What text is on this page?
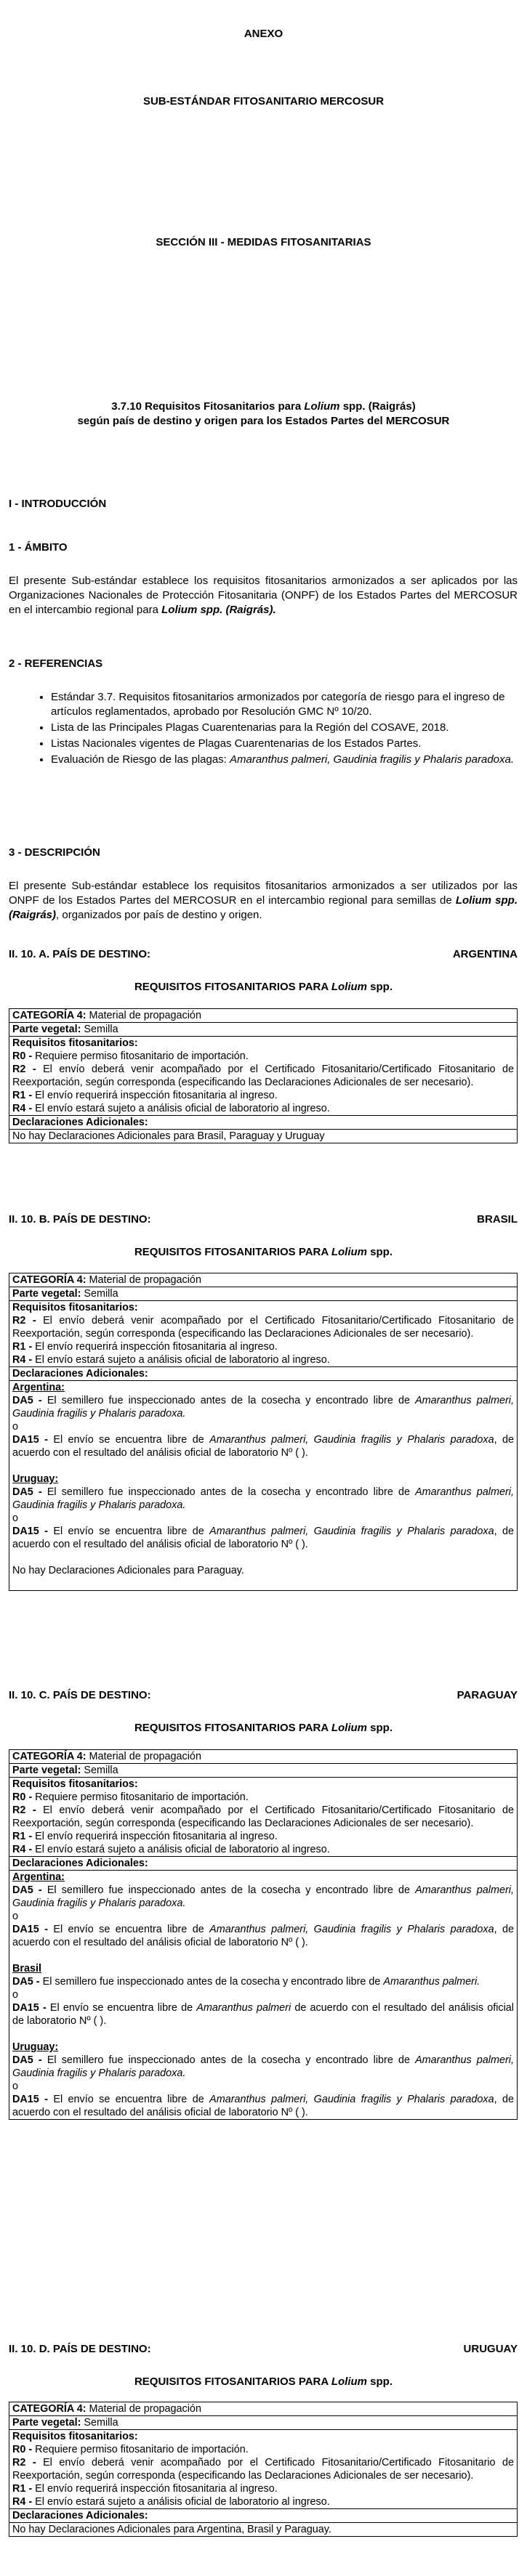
ANEXO
SUB-ESTÁNDAR FITOSANITARIO MERCOSUR
SECCIÓN III - MEDIDAS FITOSANITARIAS
3.7.10 Requisitos Fitosanitarios para Lolium spp. (Raigrás)
según país de destino y origen para los Estados Partes del MERCOSUR
I - INTRODUCCIÓN
1 - ÁMBITO
El presente Sub-estándar establece los requisitos fitosanitarios armonizados a ser aplicados por las Organizaciones Nacionales de Protección Fitosanitaria (ONPF) de los Estados Partes del MERCOSUR en el intercambio regional para Lolium spp. (Raigrás).
2 - REFERENCIAS
• Estándar 3.7. Requisitos fitosanitarios armonizados por categoría de riesgo para el ingreso de artículos reglamentados, aprobado por Resolución GMC Nº 10/20.
• Lista de las Principales Plagas Cuarentenarias para la Región del COSAVE, 2018.
• Listas Nacionales vigentes de Plagas Cuarentenarias de los Estados Partes.
• Evaluación de Riesgo de las plagas: Amaranthus palmeri, Gaudinia fragilis y Phalaris paradoxa.
3 - DESCRIPCIÓN
El presente Sub-estándar establece los requisitos fitosanitarios armonizados a ser utilizados por las ONPF de los Estados Partes del MERCOSUR en el intercambio regional para semillas de Lolium spp. (Raigrás), organizados por país de destino y origen.
II. 10. A. PAÍS DE DESTINO:	ARGENTINA
REQUISITOS FITOSANITARIOS PARA Lolium spp.
CATEGORÍA 4: Material de propagación
Parte vegetal: Semilla

Requisitos fitosanitarios:

R0 - Requiere permiso fitosanitario de importación.

R2 - El envío deberá venir acompañado por el Certificado Fitosanitario/Certificado Fitosanitario de Reexportación, según corresponda (especificando las Declaraciones Adicionales de ser necesario).

R1 - El envío requerirá inspección fitosanitaria al ingreso.

R4 - El envío estará sujeto a análisis oficial de laboratorio al ingreso.

Declaraciones Adicionales:
No hay Declaraciones Adicionales para Brasil, Paraguay y Uruguay
II. 10. B. PAÍS DE DESTINO:	BRASIL
REQUISITOS FITOSANITARIOS PARA Lolium spp.
CATEGORÍA 4: Material de propagación
Parte vegetal: Semilla

Requisitos fitosanitarios:

R2 - El envío deberá venir acompañado por el Certificado Fitosanitario/Certificado Fitosanitario de Reexportación, según corresponda (especificando las Declaraciones Adicionales de ser necesario).

R1 - El envío requerirá inspección fitosanitaria al ingreso.

R4 - El envío estará sujeto a análisis oficial de laboratorio al ingreso.

Declaraciones Adicionales:

Argentina:

DA5 - El semillero fue inspeccionado antes de la cosecha y encontrado libre de Amaranthus palmeri, Gaudinia fragilis y Phalaris paradoxa.

o

DA15 - El envío se encuentra libre de Amaranthus palmeri, Gaudinia fragilis y Phalaris paradoxa, de acuerdo con el resultado del análisis oficial de laboratorio Nº ( ).

Uruguay:

DA5 - El semillero fue inspeccionado antes de la cosecha y encontrado libre de Amaranthus palmeri, Gaudinia fragilis y Phalaris paradoxa.

o

DA15 - El envío se encuentra libre de Amaranthus palmeri, Gaudinia fragilis y Phalaris paradoxa, de acuerdo con el resultado del análisis oficial de laboratorio Nº ( ).

No hay Declaraciones Adicionales para Paraguay.

II. 10. C. PAÍS DE DESTINO:	PARAGUAY
REQUISITOS FITOSANITARIOS PARA Lolium spp.
CATEGORÍA 4: Material de propagación
Parte vegetal: Semilla

Requisitos fitosanitarios:

R0 - Requiere permiso fitosanitario de importación.

R2 - El envío deberá venir acompañado por el Certificado Fitosanitario/Certificado Fitosanitario de Reexportación, según corresponda (especificando las Declaraciones Adicionales de ser necesario).

R1 - El envío requerirá inspección fitosanitaria al ingreso.

R4 - El envío estará sujeto a análisis oficial de laboratorio al ingreso.

Declaraciones Adicionales:

Argentina:

DA5 - El semillero fue inspeccionado antes de la cosecha y encontrado libre de Amaranthus palmeri, Gaudinia fragilis y Phalaris paradoxa.

o

DA15 - El envío se encuentra libre de Amaranthus palmeri, Gaudinia fragilis y Phalaris paradoxa, de acuerdo con el resultado del análisis oficial de laboratorio Nº ( ).

Brasil

DA5 - El semillero fue inspeccionado antes de la cosecha y encontrado libre de Amaranthus palmeri.

o

DA15 - El envío se encuentra libre de Amaranthus palmeri de acuerdo con el resultado del análisis oficial de laboratorio Nº ( ).

Uruguay:

DA5 - El semillero fue inspeccionado antes de la cosecha y encontrado libre de Amaranthus palmeri, Gaudinia fragilis y Phalaris paradoxa.

o

DA15 - El envío se encuentra libre de Amaranthus palmeri, Gaudinia fragilis y Phalaris paradoxa, de acuerdo con el resultado del análisis oficial de laboratorio Nº ( ).

II. 10. D. PAÍS DE DESTINO:	URUGUAY
REQUISITOS FITOSANITARIOS PARA Lolium spp.
CATEGORÍA 4: Material de propagación
Parte vegetal: Semilla

Requisitos fitosanitarios:

R0 - Requiere permiso fitosanitario de importación.

R2 - El envío deberá venir acompañado por el Certificado Fitosanitario/Certificado Fitosanitario de Reexportación, según corresponda (especificando las Declaraciones Adicionales de ser necesario).

R1 - El envío requerirá inspección fitosanitaria al ingreso.

R4 - El envío estará sujeto a análisis oficial de laboratorio al ingreso.

Declaraciones Adicionales:
No hay Declaraciones Adicionales para Argentina, Brasil y Paraguay.
